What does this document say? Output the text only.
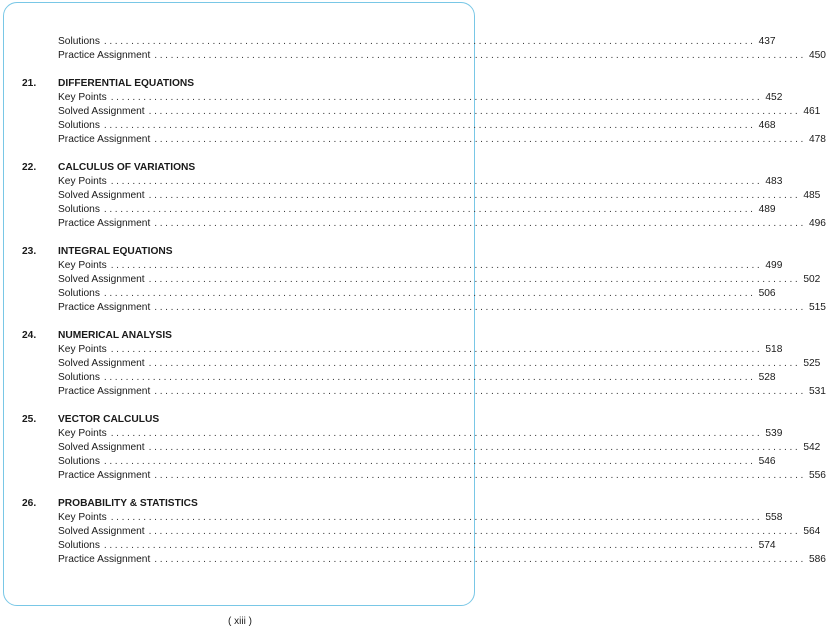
Solutions ........................................................................................................................ 437
Practice Assignment ........................................................................................................................ 450
21.	DIFFERENTIAL EQUATIONS
Key Points ........................................................................................................................ 452
Solved Assignment ........................................................................................................................ 461
Solutions ........................................................................................................................ 468
Practice Assignment ........................................................................................................................ 478
22.	CALCULUS OF VARIATIONS
Key Points ........................................................................................................................ 483
Solved Assignment ........................................................................................................................ 485
Solutions ........................................................................................................................ 489
Practice Assignment ........................................................................................................................ 496
23.	INTEGRAL EQUATIONS
Key Points ........................................................................................................................ 499
Solved Assignment ........................................................................................................................ 502
Solutions ........................................................................................................................ 506
Practice Assignment ........................................................................................................................ 515
24.	NUMERICAL ANALYSIS
Key Points ........................................................................................................................ 518
Solved Assignment ........................................................................................................................ 525
Solutions ........................................................................................................................ 528
Practice Assignment ........................................................................................................................ 531
25.	VECTOR CALCULUS
Key Points ........................................................................................................................ 539
Solved Assignment ........................................................................................................................ 542
Solutions ........................................................................................................................ 546
Practice Assignment ........................................................................................................................ 556
26.	PROBABILITY & STATISTICS
Key Points ........................................................................................................................ 558
Solved Assignment ........................................................................................................................ 564
Solutions ........................................................................................................................ 574
Practice Assignment ........................................................................................................................ 586
( xiii )
